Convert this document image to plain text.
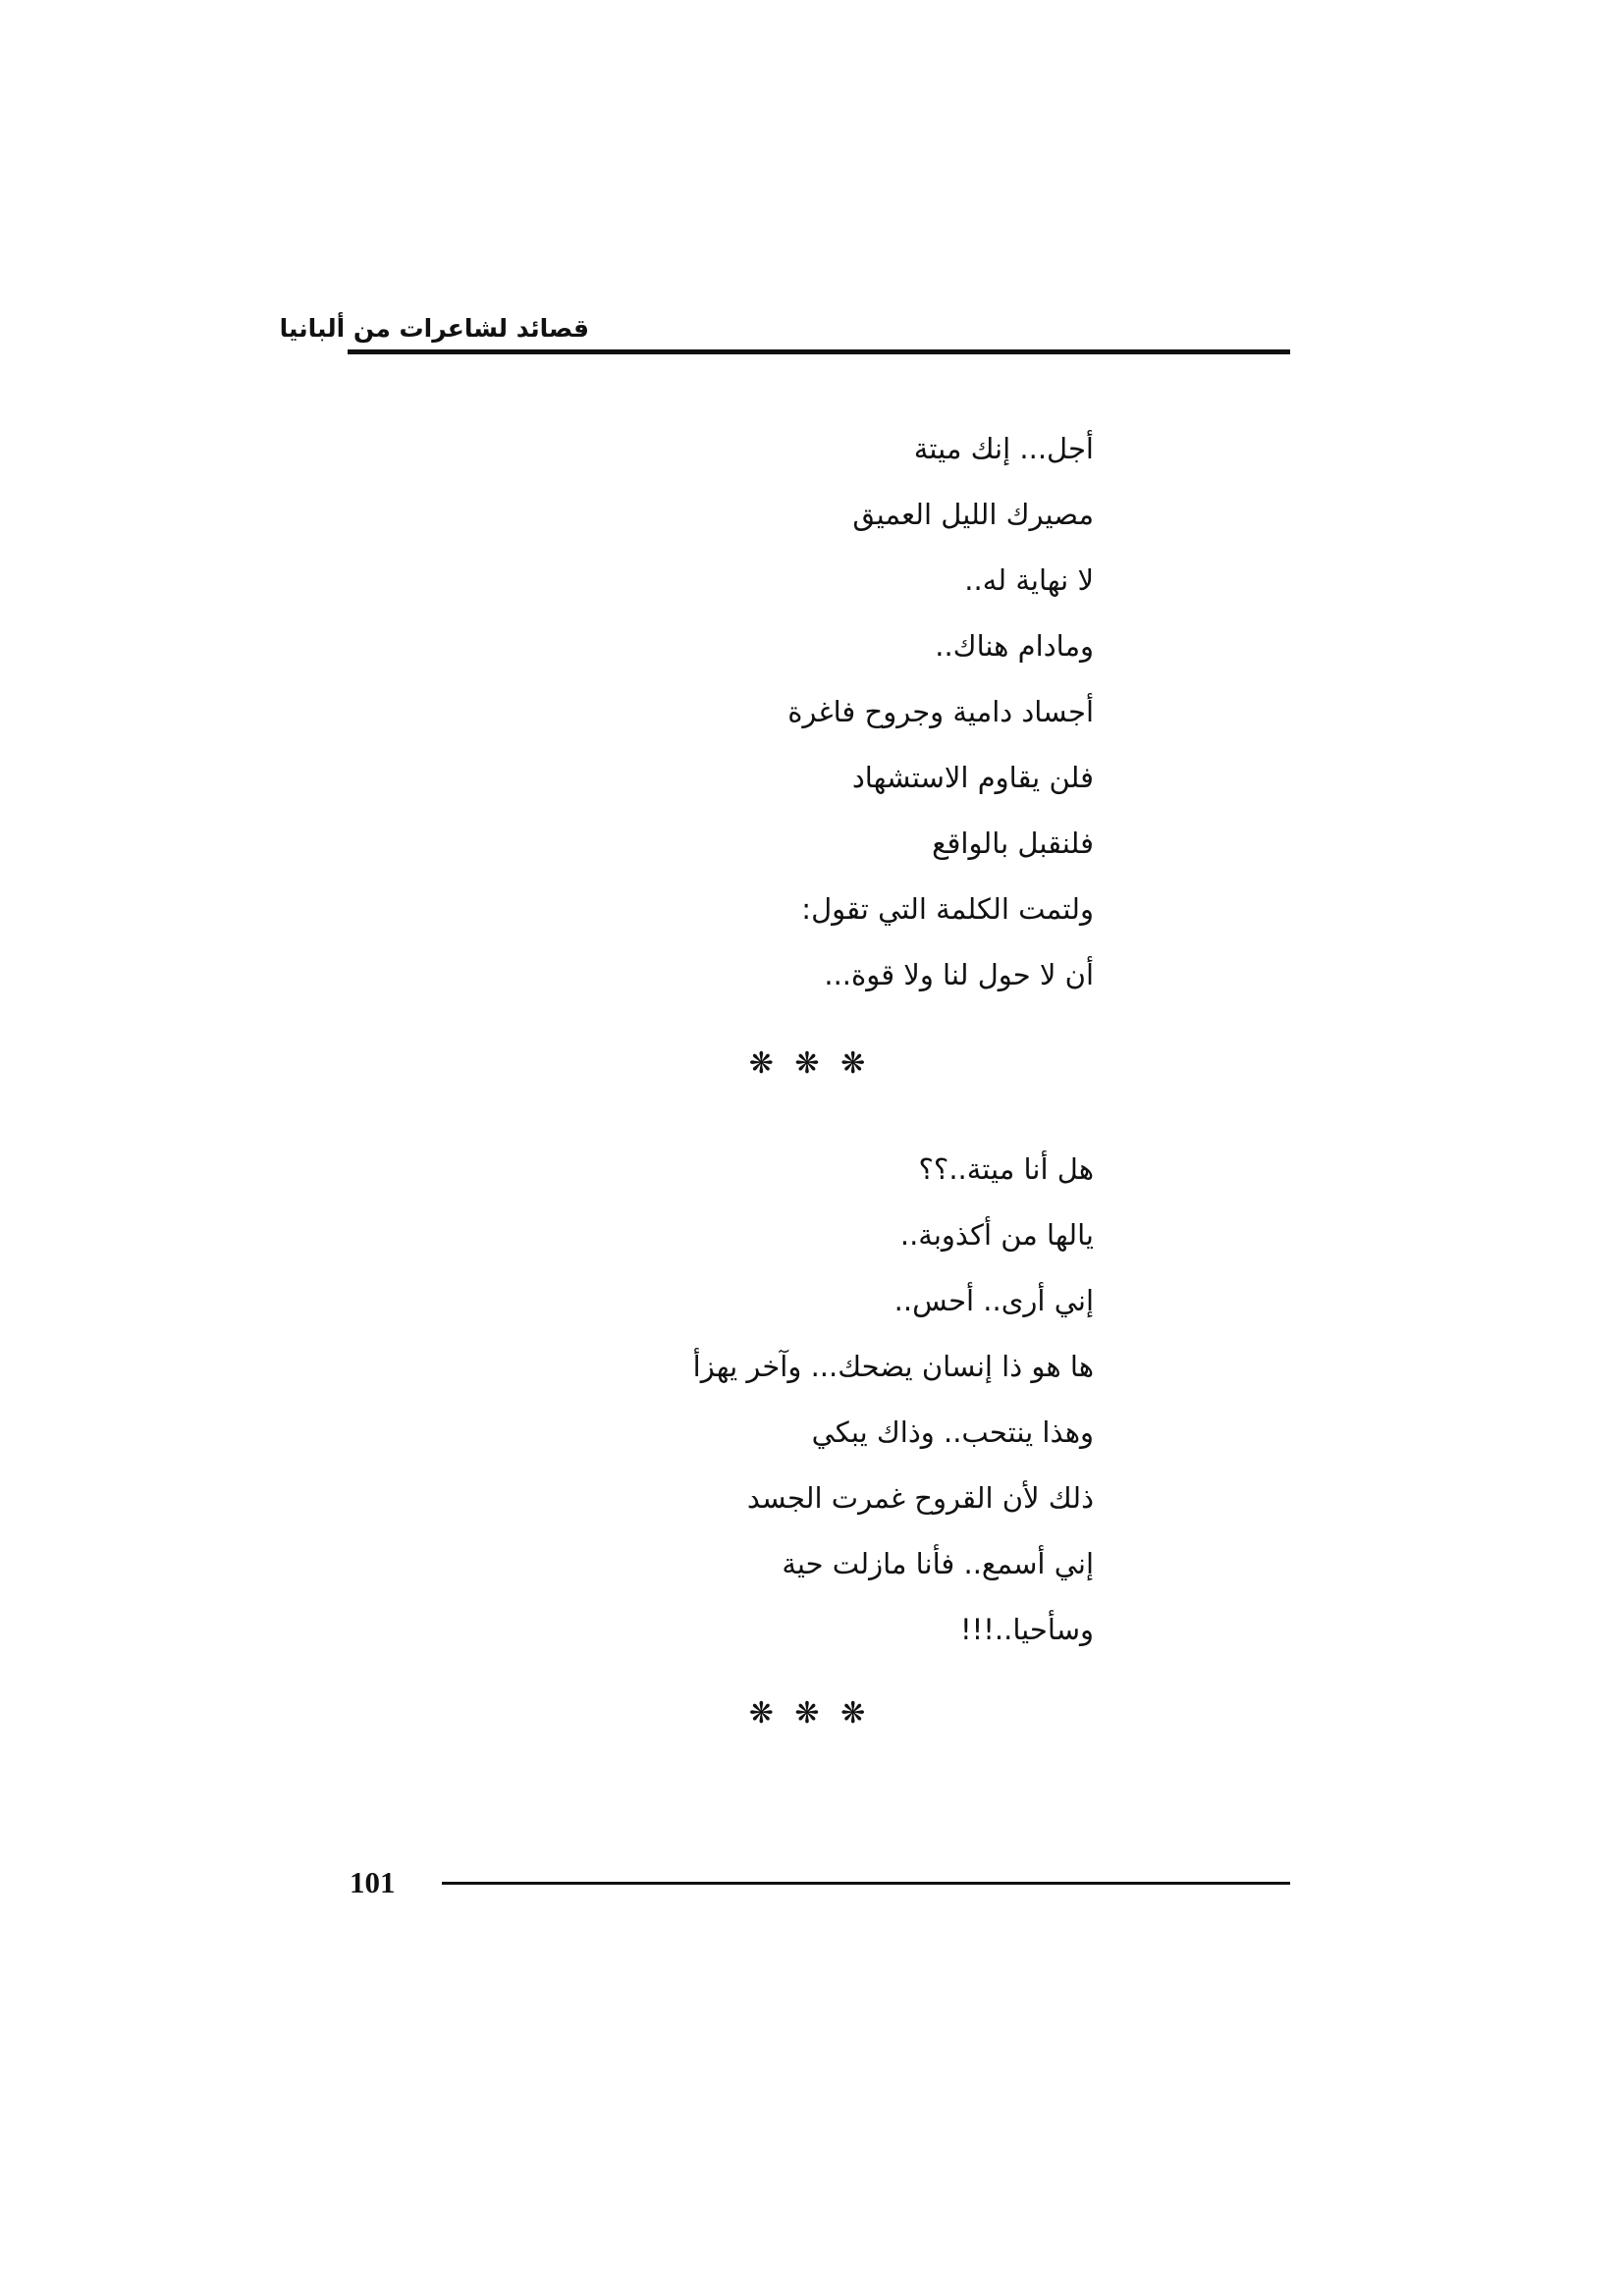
قصائد لشاعرات من ألبانيا
أجل... إنك ميتة
مصيرك الليل العميق
لا نهاية له..
ومادام هناك..
أجساد دامية وجروح فاغرة
فلن يقاوم الاستشهاد
فلنقبل بالواقع
ولتمت الكلمة التي تقول:
أن لا حول لنا ولا قوة...
❋ ❋ ❋
هل أنا ميتة..؟؟
يالها من أكذوبة..
إني أرى.. أحس..
ها هو ذا إنسان يضحك... وآخر يهزأ
وهذا ينتحب.. وذاك يبكي
ذلك لأن القروح غمرت الجسد
إني أسمع.. فأنا مازلت حية
وسأحيا..!!!
❋ ❋ ❋
101
